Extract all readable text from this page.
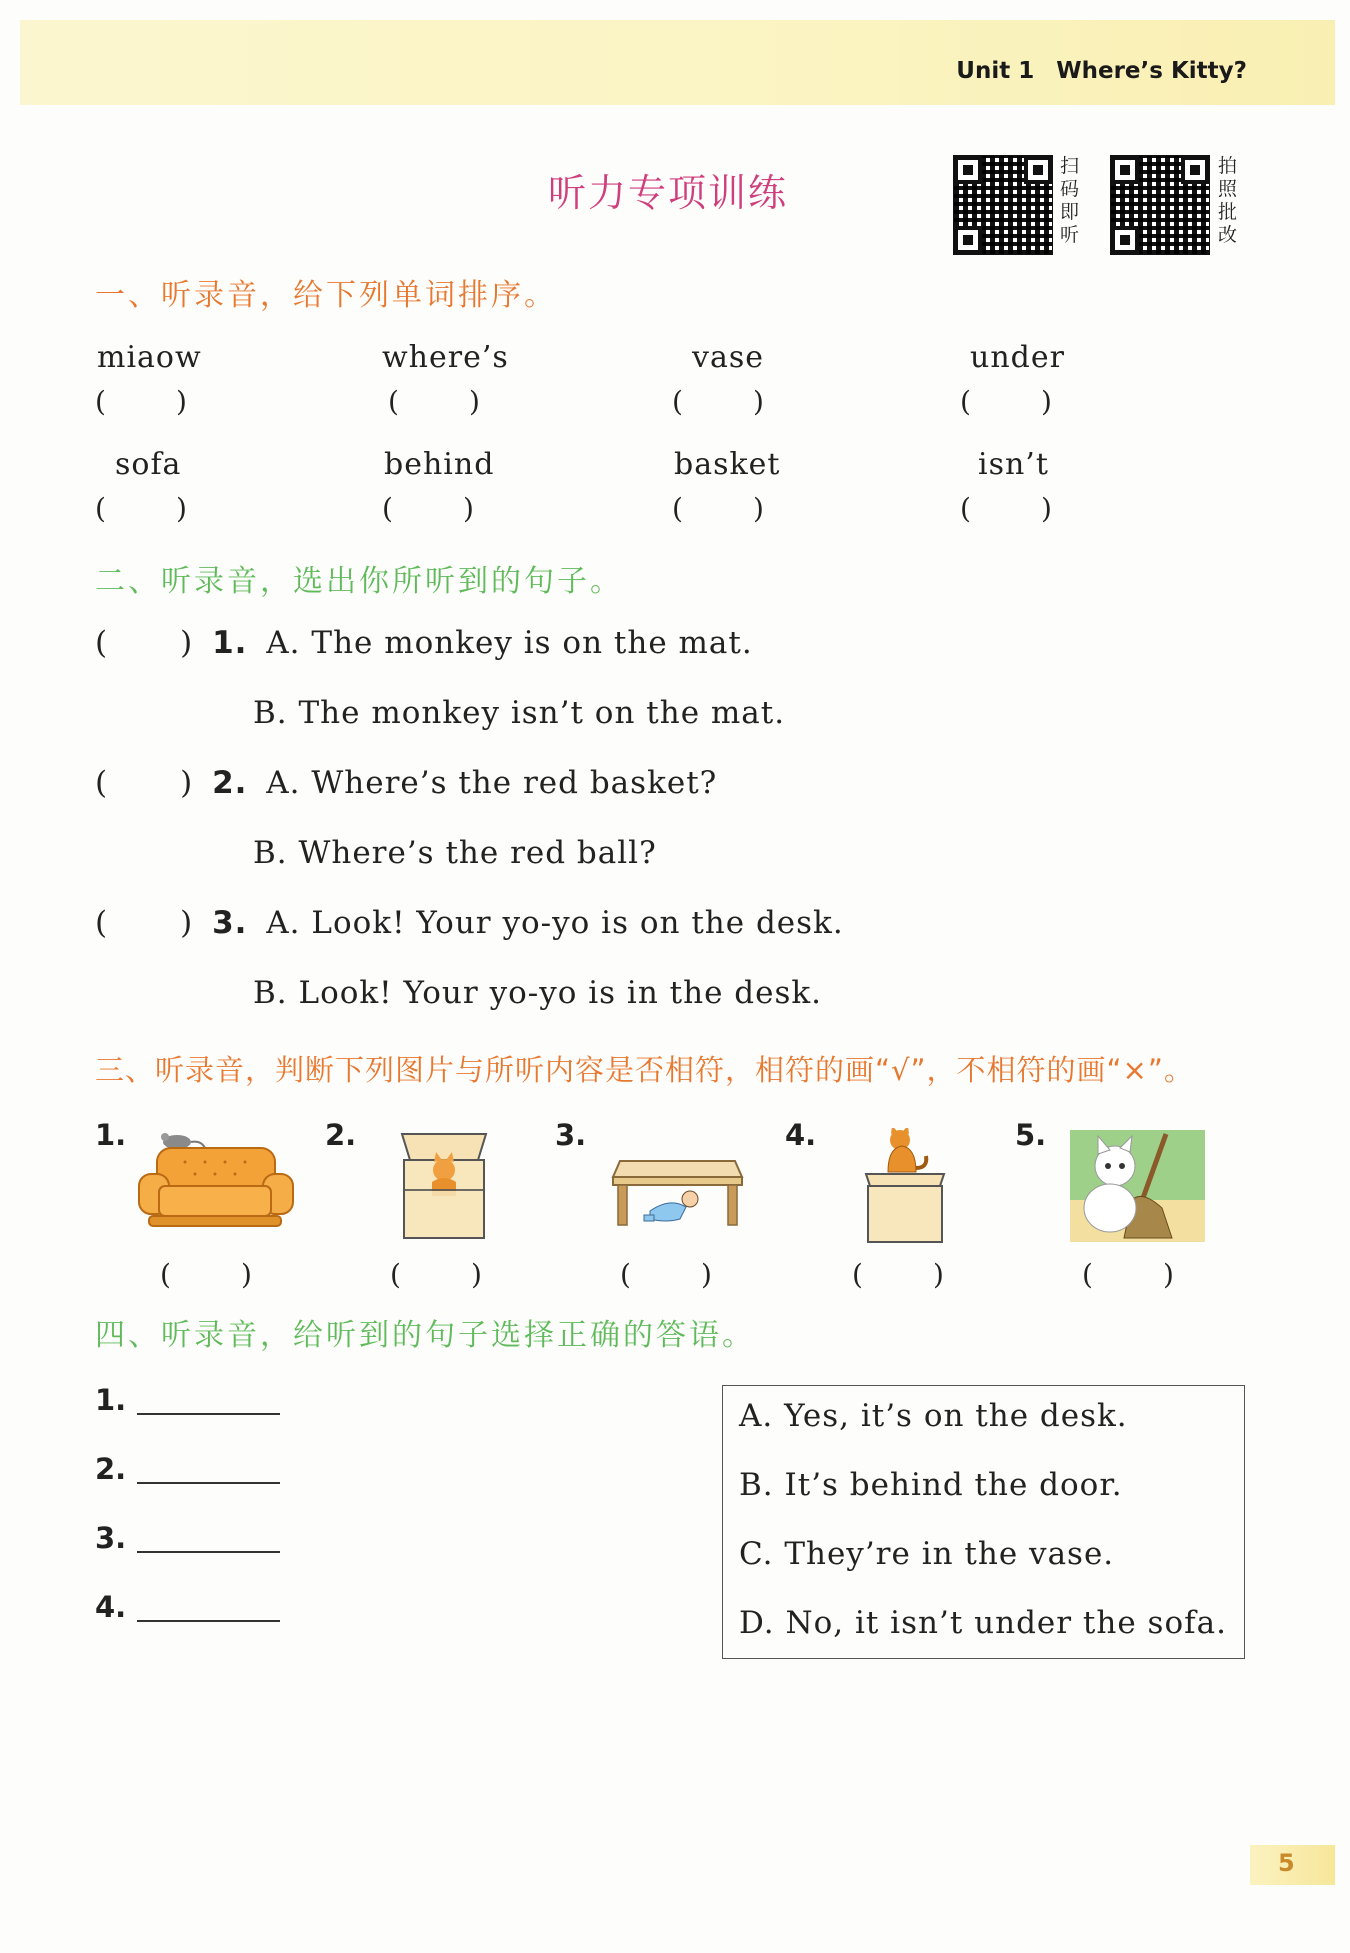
Unit 1 Where’s Kitty?
听力专项训练
扫
码
即
听
拍
照
批
改
一、听录音，给下列单词排序。
miaow	where’s	vase	under
(	)	(	)	(	)	(	)
sofa	behind	basket	isn’t
(	)	(	)	(	)	(	)
二、听录音，选出你所听到的句子。
( ) 1. A. The monkey is on the mat.
B. The monkey isn’t on the mat.
( ) 2. A. Where’s the red basket?
B. Where’s the red ball?
( ) 3. A. Look! Your yo-yo is on the desk.
B. Look! Your yo-yo is in the desk.
三、听录音，判断下列图片与所听内容是否相符，相符的画“√”，不相符的画“×”。
1.
(	)
2.
(	)
3.
(	)
4.
(	)
5.
(	)
四、听录音，给听到的句子选择正确的答语。
1.
2.
3.
4.
A. Yes, it’s on the desk.
B. It’s behind the door.
C. They’re in the vase.
D. No, it isn’t under the sofa.
5
